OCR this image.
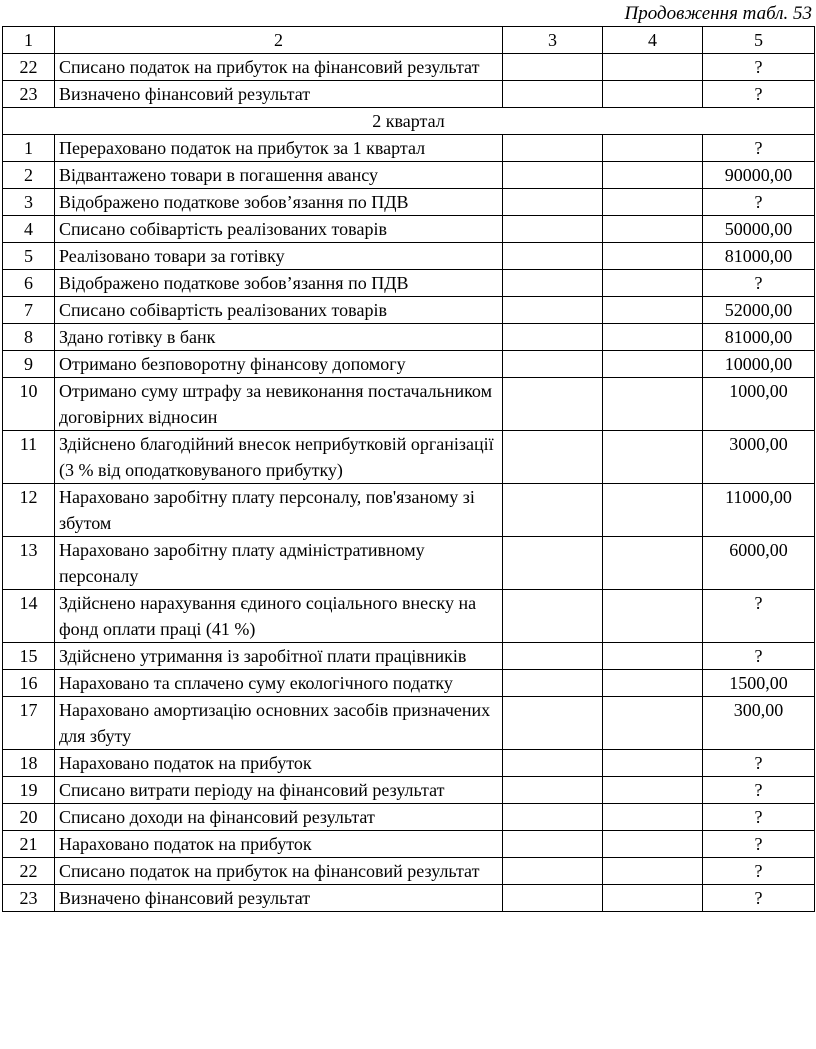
Продовження табл. 53
1	2	3	4	5
22	Списано податок на прибуток на фінансовий результат			?
23	Визначено фінансовий результат			?
2 квартал				
1	Перераховано податок на прибуток за 1 квартал			?
2	Відвантажено товари в погашення авансу			90000,00
3	Відображено податкове зобов’язання по ПДВ			?
4	Списано собівартість реалізованих товарів			50000,00
5	Реалізовано товари за готівку			81000,00
6	Відображено податкове зобов’язання по ПДВ			?
7	Списано собівартість реалізованих товарів			52000,00
8	Здано готівку в банк			81000,00
9	Отримано безповоротну фінансову допомогу			10000,00
10	Отримано суму штрафу за невиконання постачальником договірних відносин			1000,00
11	Здійснено благодійний внесок неприбутковій організації (3 % від оподатковуваного прибутку)			3000,00
12	Нараховано заробітну плату персоналу, пов'язаному зі збутом			11000,00
13	Нараховано заробітну плату адміністративному персоналу			6000,00
14	Здійснено нарахування єдиного соціального внеску на фонд оплати праці (41 %)			?
15	Здійснено утримання із заробітної плати працівників			?
16	Нараховано та сплачено суму екологічного податку			1500,00
17	Нараховано амортизацію основних засобів призначених для збуту			300,00
18	Нараховано податок на прибуток			?
19	Списано витрати періоду на фінансовий результат			?
20	Списано доходи на фінансовий результат			?
21	Нараховано податок на прибуток			?
22	Списано податок на прибуток на фінансовий результат			?
23	Визначено фінансовий результат			?
